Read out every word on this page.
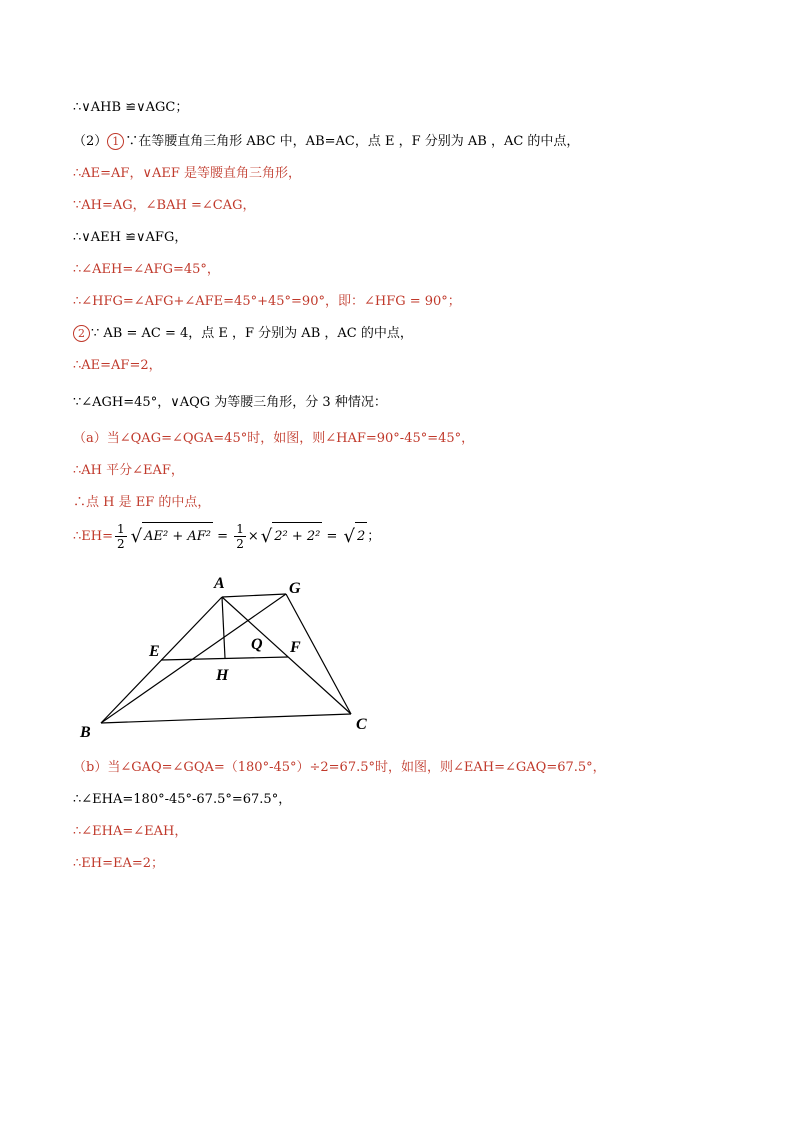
∴∨AHB ≌∨AGC；
（2） 1 ∵在等腰直角三角形 ABC 中，AB=AC，点 E ，F 分别为 AB ，AC 的中点，
∴AE=AF，∨AEF 是等腰直角三角形，
∵AH=AG，∠BAH =∠CAG，
∴∨AEH ≌∨AFG，
∴∠AEH=∠AFG=45°，
∴∠HFG=∠AFG+∠AFE=45°+45°=90°，即：∠HFG = 90°；
2 ∵ AB = AC = 4，点 E ，F 分别为 AB ，AC 的中点，
∴AE=AF=2，
∵∠AGH=45°，∨AQG 为等腰三角形，分 3 种情况：
（a）当∠QAG=∠QGA=45°时，如图，则∠HAF=90°-45°=45°，
∴AH 平分∠EAF，
∴点 H 是 EF 的中点，
∴EH= $\frac{1}{2}$ √ $AE^2 + AF^2 = \frac{1}{2}$ × √ 2² + 2² = √ 2 ；
（b）当∠GAQ=∠GQA=（180°-45°）÷2=67.5°时，如图，则∠EAH=∠GAQ=67.5°，
∴∠EHA=180°-45°-67.5°=67.5°，
∴∠EHA=∠EAH，
∴EH=EA=2；
A	G
E	Q F
H
B	C
